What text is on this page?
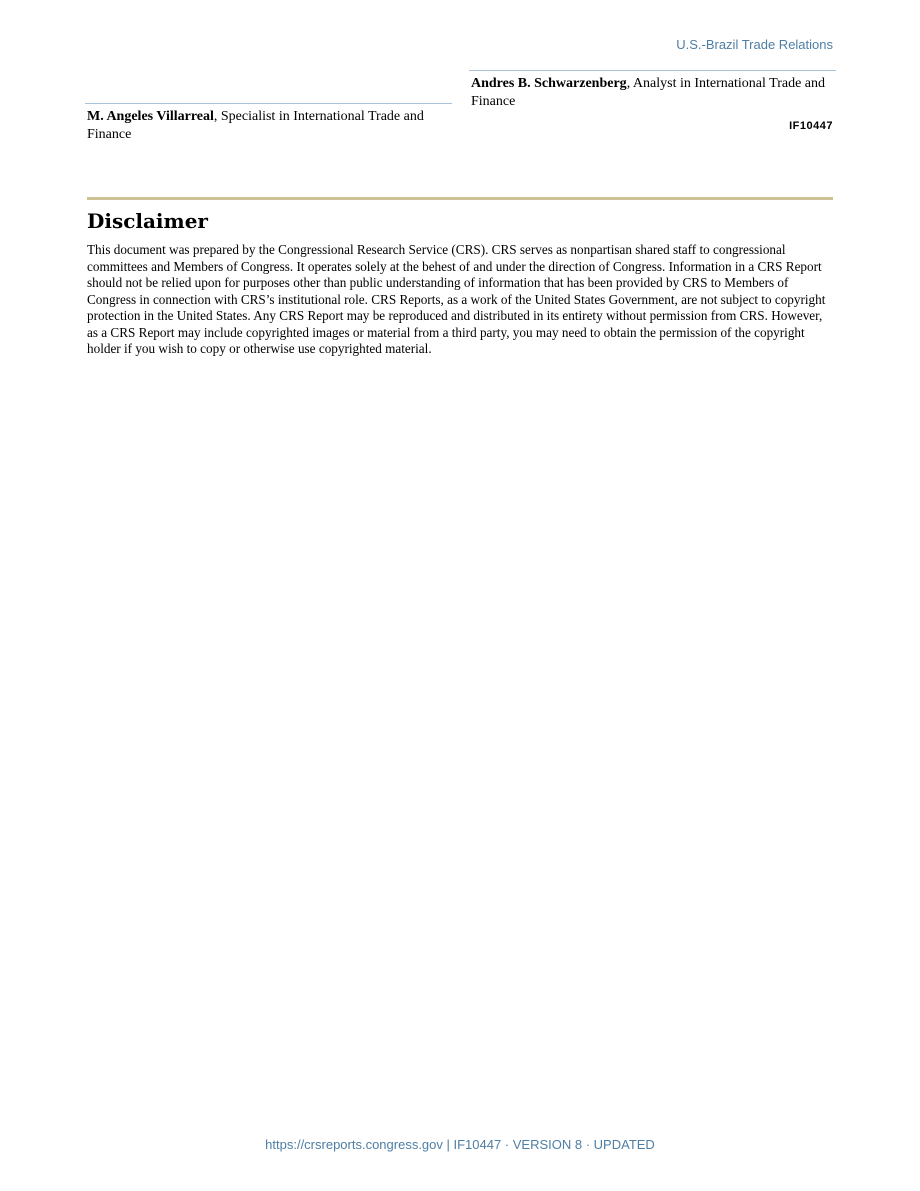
U.S.-Brazil Trade Relations
Andres B. Schwarzenberg, Analyst in International Trade and Finance
M. Angeles Villarreal, Specialist in International Trade and Finance
IF10447
Disclaimer

This document was prepared by the Congressional Research Service (CRS). CRS serves as nonpartisan shared staff to congressional committees and Members of Congress. It operates solely at the behest of and under the direction of Congress. Information in a CRS Report should not be relied upon for purposes other than public understanding of information that has been provided by CRS to Members of Congress in connection with CRS’s institutional role. CRS Reports, as a work of the United States Government, are not subject to copyright protection in the United States. Any CRS Report may be reproduced and distributed in its entirety without permission from CRS. However, as a CRS Report may include copyrighted images or material from a third party, you may need to obtain the permission of the copyright holder if you wish to copy or otherwise use copyrighted material.

https://crsreports.congress.gov | IF10447 · VERSION 8 · UPDATED
